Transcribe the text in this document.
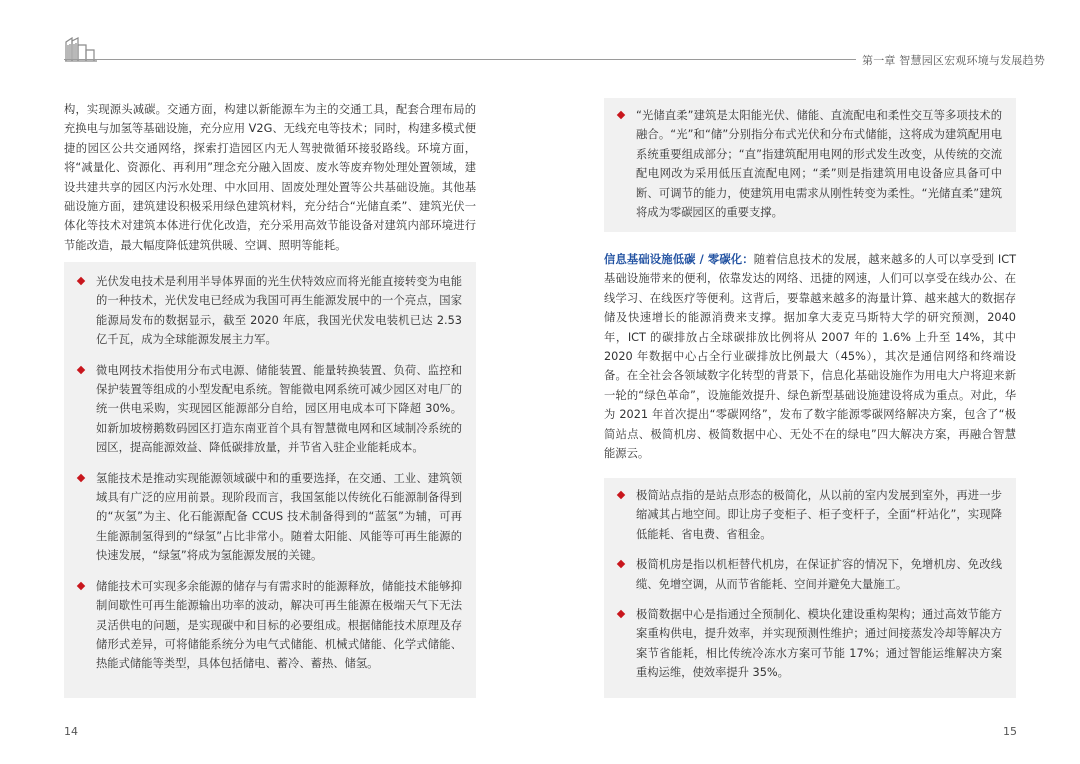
第一章 智慧园区宏观环境与发展趋势

构，实现源头减碳。交通方面，构建以新能源车为主的交通工具，配套合理布局的充换电与加氢等基础设施，充分应用 V2G、无线充电等技术；同时，构建多模式便捷的园区公共交通网络，探索打造园区内无人驾驶微循环接驳路线。环境方面，将“减量化、资源化、再利用”理念充分融入固废、废水等废弃物处理处置领域，建设共建共享的园区内污水处理、中水回用、固废处理处置等公共基础设施。其他基础设施方面，建筑建设积极采用绿色建筑材料，充分结合“光储直柔”、建筑光伏一体化等技术对建筑本体进行优化改造，充分采用高效节能设备对建筑内部环境进行节能改造，最大幅度降低建筑供暖、空调、照明等能耗。

光伏发电技术是利用半导体界面的光生伏特效应而将光能直接转变为电能的一种技术，光伏发电已经成为我国可再生能源发展中的一个亮点，国家能源局发布的数据显示，截至 2020 年底，我国光伏发电装机已达 2.53 亿千瓦，成为全球能源发展主力军。
微电网技术指使用分布式电源、储能装置、能量转换装置、负荷、监控和保护装置等组成的小型发配电系统。智能微电网系统可减少园区对电厂的统一供电采购，实现园区能源部分自给，园区用电成本可下降超 30%。如新加坡榜鹅数码园区打造东南亚首个具有智慧微电网和区域制冷系统的园区，提高能源效益、降低碳排放量，并节省入驻企业能耗成本。
氢能技术是推动实现能源领域碳中和的重要选择，在交通、工业、建筑领域具有广泛的应用前景。现阶段而言，我国氢能以传统化石能源制备得到的“灰氢”为主、化石能源配备 CCUS 技术制备得到的“蓝氢”为辅，可再生能源制氢得到的“绿氢”占比非常小。随着太阳能、风能等可再生能源的快速发展，“绿氢”将成为氢能源发展的关键。
储能技术可实现多余能源的储存与有需求时的能源释放，储能技术能够抑制间歇性可再生能源输出功率的波动，解决可再生能源在极端天气下无法灵活供电的问题，是实现碳中和目标的必要组成。根据储能技术原理及存储形式差异，可将储能系统分为电气式储能、机械式储能、化学式储能、热能式储能等类型，具体包括储电、蓄冷、蓄热、储氢。
14
“光储直柔”建筑是太阳能光伏、储能、直流配电和柔性交互等多项技术的融合。“光”和“储”分别指分布式光伏和分布式储能，这将成为建筑配用电系统重要组成部分；“直”指建筑配用电网的形式发生改变，从传统的交流配电网改为采用低压直流配电网；“柔”则是指建筑用电设备应具备可中断、可调节的能力，使建筑用电需求从刚性转变为柔性。“光储直柔”建筑将成为零碳园区的重要支撑。

信息基础设施低碳 / 零碳化：随着信息技术的发展，越来越多的人可以享受到 ICT 基础设施带来的便利，依靠发达的网络、迅捷的网速，人们可以享受在线办公、在线学习、在线医疗等便利。这背后，要靠越来越多的海量计算、越来越大的数据存储及快速增长的能源消费来支撑。据加拿大麦克马斯特大学的研究预测，2040 年，ICT 的碳排放占全球碳排放比例将从 2007 年的 1.6% 上升至 14%，其中 2020 年数据中心占全行业碳排放比例最大（45%），其次是通信网络和终端设备。在全社会各领域数字化转型的背景下，信息化基础设施作为用电大户将迎来新一轮的“绿色革命”，设施能效提升、绿色新型基础设施建设将成为重点。对此，华为 2021 年首次提出“零碳网络”，发布了数字能源零碳网络解决方案，包含了“极简站点、极简机房、极简数据中心、无处不在的绿电”四大解决方案，再融合智慧能源云。

极简站点指的是站点形态的极简化，从以前的室内发展到室外，再进一步缩减其占地空间。即让房子变柜子、柜子变杆子，全面“杆站化”，实现降低能耗、省电费、省租金。
极简机房是指以机柜替代机房，在保证扩容的情况下，免增机房、免改线缆、免增空调，从而节省能耗、空间并避免大量施工。
极简数据中心是指通过全预制化、模块化建设重构架构；通过高效节能方案重构供电，提升效率，并实现预测性维护；通过间接蒸发冷却等解决方案节省能耗，相比传统冷冻水方案可节能 17%；通过智能运维解决方案重构运维，使效率提升 35%。
15
